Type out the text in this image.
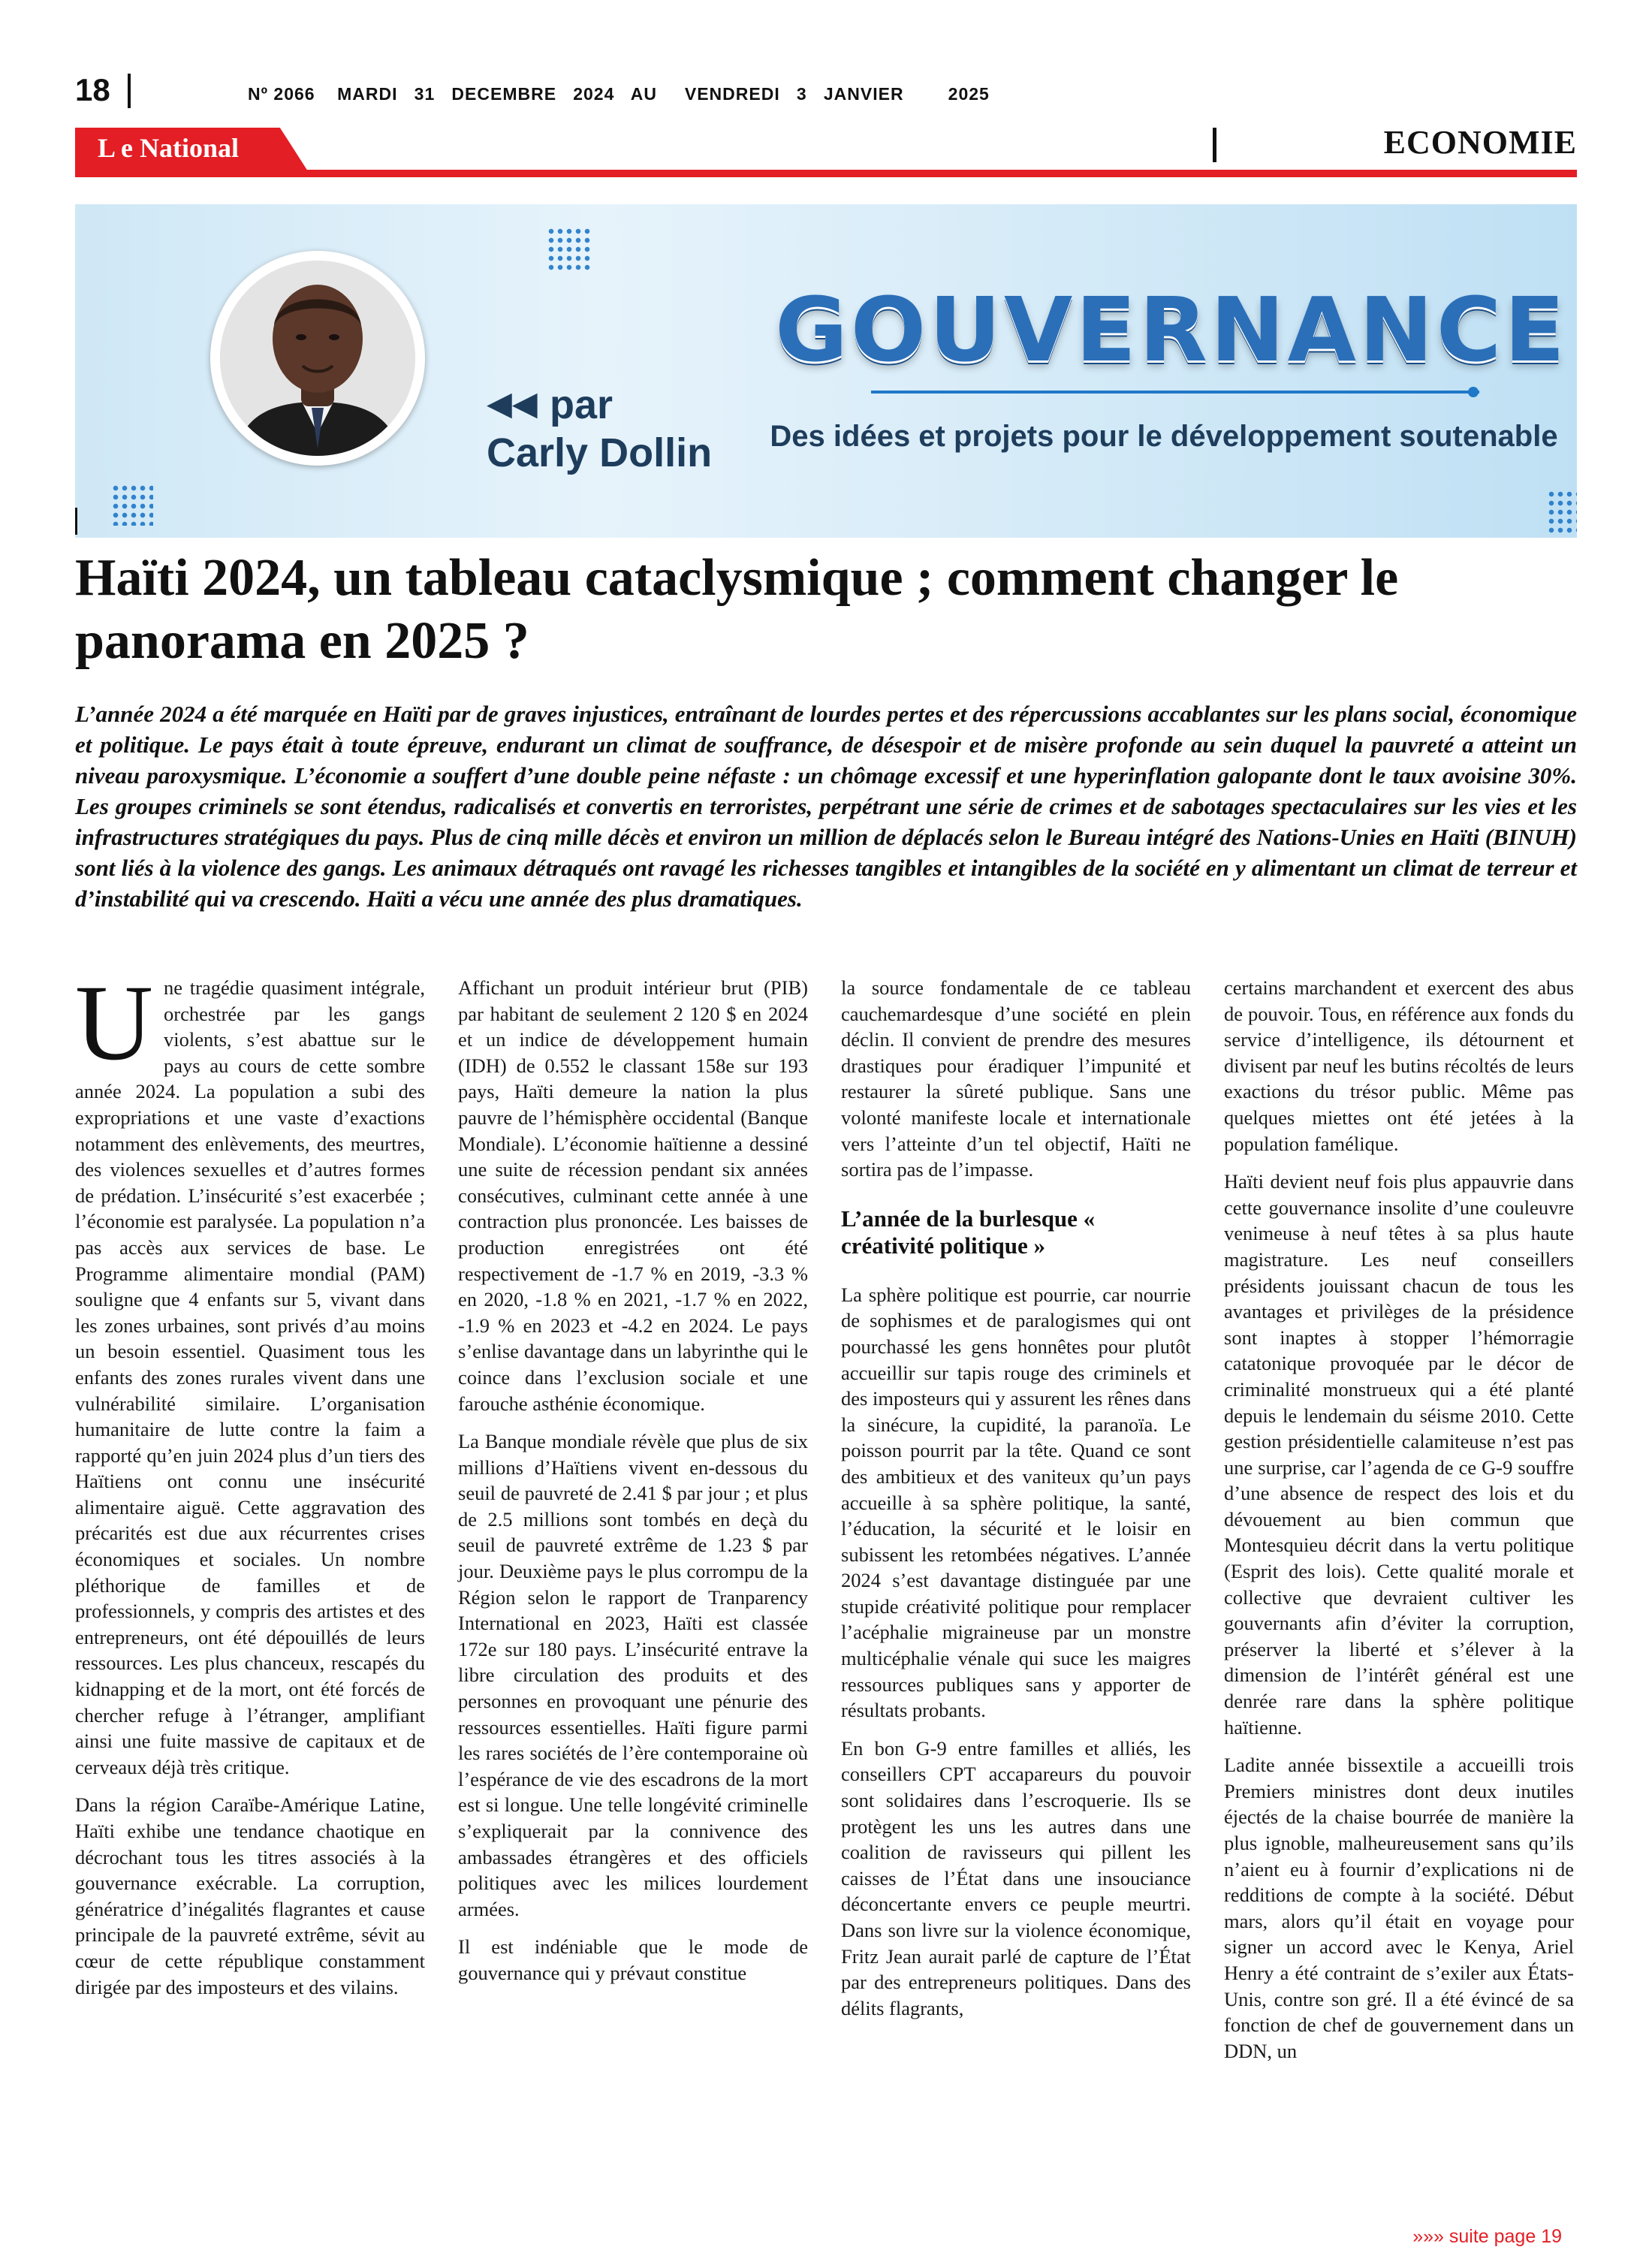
18	Nº 2066    MARDI   31   DECEMBRE   2024   AU     VENDREDI   3   JANVIER        2025
L e National	ECONOMIE
◀◀ par
Carly Dollin
GOUVERNANCE
Des idées et projets pour le développement soutenable
Haïti 2024, un tableau cataclysmique ; comment changer le panorama en 2025 ?
L’année 2024 a été marquée en Haïti par de graves injustices, entraînant de lourdes pertes et des répercussions accablantes sur les plans social, économique et politique. Le pays était à toute épreuve, endurant un climat de souffrance, de désespoir et de misère profonde au sein duquel la pauvreté a atteint un niveau paroxysmique. L’économie a souffert d’une double peine néfaste : un chômage excessif et une hyperinflation galopante dont le taux avoisine 30%. Les groupes criminels se sont étendus, radicalisés et convertis en terroristes, perpétrant une série de crimes et de sabotages spectaculaires sur les vies et les infrastructures stratégiques du pays. Plus de cinq mille décès et environ un million de déplacés selon le Bureau intégré des Nations-Unies en Haïti (BINUH) sont liés à la violence des gangs. Les animaux détraqués ont ravagé les richesses tangibles et intangibles de la société en y alimentant un climat de terreur et d’instabilité qui va crescendo. Haïti a vécu une année des plus dramatiques.

Une tragédie quasiment intégrale, orchestrée par les gangs violents, s’est abattue sur le pays au cours de cette sombre année 2024. La population a subi des expropriations et une vaste d’exactions notamment des enlèvements, des meurtres, des violences sexuelles et d’autres formes de prédation. L’insécurité s’est exacerbée ; l’économie est paralysée. La population n’a pas accès aux services de base. Le Programme alimentaire mondial (PAM) souligne que 4 enfants sur 5, vivant dans les zones urbaines, sont privés d’au moins un besoin essentiel. Quasiment tous les enfants des zones rurales vivent dans une vulnérabilité similaire. L’organisation humanitaire de lutte contre la faim a rapporté qu’en juin 2024 plus d’un tiers des Haïtiens ont connu une insécurité alimentaire aiguë. Cette aggravation des précarités est due aux récurrentes crises économiques et sociales. Un nombre pléthorique de familles et de professionnels, y compris des artistes et des entrepreneurs, ont été dépouillés de leurs ressources. Les plus chanceux, rescapés du kidnapping et de la mort, ont été forcés de chercher refuge à l’étranger, amplifiant ainsi une fuite massive de capitaux et de cerveaux déjà très critique.

Dans la région Caraïbe-Amérique Latine, Haïti exhibe une tendance chaotique en décrochant tous les titres associés à la gouvernance exécrable. La corruption, génératrice d’inégalités flagrantes et cause principale de la pauvreté extrême, sévit au cœur de cette république constamment dirigée par des imposteurs et des vilains.

Affichant un produit intérieur brut (PIB) par habitant de seulement 2 120 $ en 2024 et un indice de développement humain (IDH) de 0.552 le classant 158e sur 193 pays, Haïti demeure la nation la plus pauvre de l’hémisphère occidental (Banque Mondiale). L’économie haïtienne a dessiné une suite de récession pendant six années consécutives, culminant cette année à une contraction plus prononcée. Les baisses de production enregistrées ont été respectivement de -1.7 % en 2019, -3.3 % en 2020, -1.8 % en 2021, -1.7 % en 2022, -1.9 % en 2023 et -4.2 en 2024. Le pays s’enlise davantage dans un labyrinthe qui le coince dans l’exclusion sociale et une farouche asthénie économique.

La Banque mondiale révèle que plus de six millions d’Haïtiens vivent en-dessous du seuil de pauvreté de 2.41 $ par jour ; et plus de 2.5 millions sont tombés en deçà du seuil de pauvreté extrême de 1.23 $ par jour. Deuxième pays le plus corrompu de la Région selon le rapport de Tranparency International en 2023, Haïti est classée 172e sur 180 pays. L’insécurité entrave la libre circulation des produits et des personnes en provoquant une pénurie des ressources essentielles. Haïti figure parmi les rares sociétés de l’ère contemporaine où l’espérance de vie des escadrons de la mort est si longue. Une telle longévité criminelle s’expliquerait par la connivence des ambassades étrangères et des officiels politiques avec les milices lourdement armées.

Il est indéniable que le mode de gouvernance qui y prévaut constitue

la source fondamentale de ce tableau cauchemardesque d’une société en plein déclin. Il convient de prendre des mesures drastiques pour éradiquer l’impunité et restaurer la sûreté publique. Sans une volonté manifeste locale et internationale vers l’atteinte d’un tel objectif, Haïti ne sortira pas de l’impasse.

L’année de la burlesque « créativité politique »

La sphère politique est pourrie, car nourrie de sophismes et de paralogismes qui ont pourchassé les gens honnêtes pour plutôt accueillir sur tapis rouge des criminels et des imposteurs qui y assurent les rênes dans la sinécure, la cupidité, la paranoïa. Le poisson pourrit par la tête. Quand ce sont des ambitieux et des vaniteux qu’un pays accueille à sa sphère politique, la santé, l’éducation, la sécurité et le loisir en subissent les retombées négatives. L’année 2024 s’est davantage distinguée par une stupide créativité politique pour remplacer l’acéphalie migraineuse par un monstre multicéphalie vénale qui suce les maigres ressources publiques sans y apporter de résultats probants.

En bon G-9 entre familles et alliés, les conseillers CPT accapareurs du pouvoir sont solidaires dans l’escroquerie. Ils se protègent les uns les autres dans une coalition de ravisseurs qui pillent les caisses de l’État dans une insouciance déconcertante envers ce peuple meurtri. Dans son livre sur la violence économique, Fritz Jean aurait parlé de capture de l’État par des entrepreneurs politiques. Dans des délits flagrants,

certains marchandent et exercent des abus de pouvoir. Tous, en référence aux fonds du service d’intelligence, ils détournent et divisent par neuf les butins récoltés de leurs exactions du trésor public. Même pas quelques miettes ont été jetées à la population famélique.

Haïti devient neuf fois plus appauvrie dans cette gouvernance insolite d’une couleuvre venimeuse à neuf têtes à sa plus haute magistrature. Les neuf conseillers présidents jouissant chacun de tous les avantages et privilèges de la présidence sont inaptes à stopper l’hémorragie catatonique provoquée par le décor de criminalité monstrueux qui a été planté depuis le lendemain du séisme 2010. Cette gestion présidentielle calamiteuse n’est pas une surprise, car l’agenda de ce G-9 souffre d’une absence de respect des lois et du dévouement au bien commun que Montesquieu décrit dans la vertu politique (Esprit des lois). Cette qualité morale et collective que devraient cultiver les gouvernants afin d’éviter la corruption, préserver la liberté et s’élever à la dimension de l’intérêt général est une denrée rare dans la sphère politique haïtienne.

Ladite année bissextile a accueilli trois Premiers ministres dont deux inutiles éjectés de la chaise bourrée de manière la plus ignoble, malheureusement sans qu’ils n’aient eu à fournir d’explications ni de redditions de compte à la société. Début mars, alors qu’il était en voyage pour signer un accord avec le Kenya, Ariel Henry a été contraint de s’exiler aux États-Unis, contre son gré. Il a été évincé de sa fonction de chef de gouvernement dans un DDN, un

»»» suite page 19
